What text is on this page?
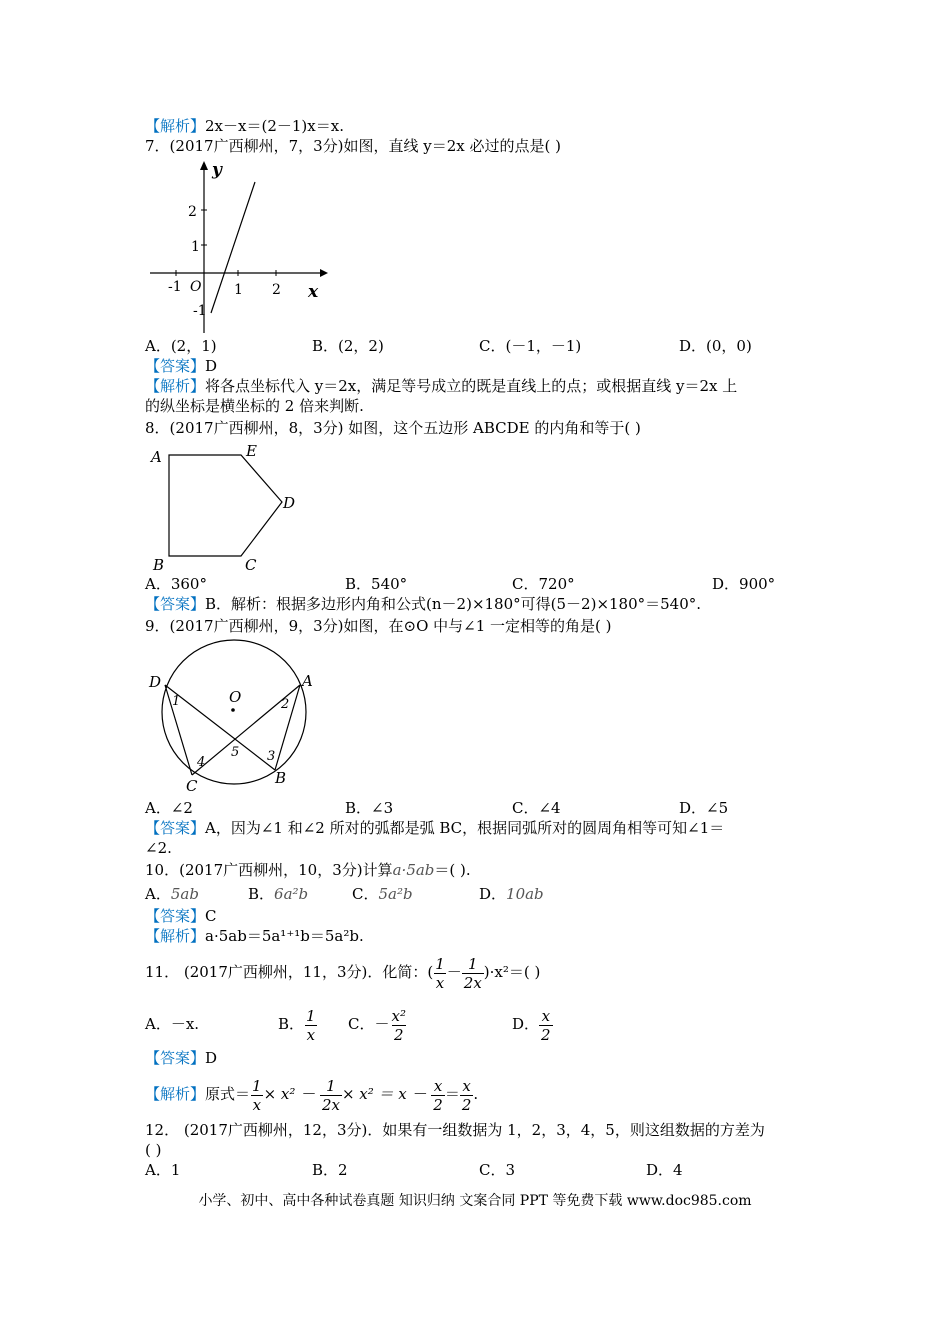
【解析】2x－x＝(2－1)x＝x.
7．(2017广西柳州，7，3分)如图，直线 y＝2x 必过的点是( )
y
x
2
1
-1
-1	1 2
O
A．(2，1)	B．(2，2)	C．(－1，－1)	D．(0，0)
【答案】D
【解析】将各点坐标代入 y＝2x，满足等号成立的既是直线上的点；或根据直线 y＝2x 上
的纵坐标是横坐标的 2 倍来判断.
8．(2017广西柳州，8，3分) 如图，这个五边形 ABCDE 的内角和等于( )
A	E
D
B	C
A．360°	B．540°	C．720°	D．900°
【答案】B．解析：根据多边形内角和公式(n－2)×180°可得(5－2)×180°＝540°.
9．(2017广西柳州，9，3分)如图，在⊙O 中与∠1 一定相等的角是( )
O
D	A
C	B
1	2
3
4
5
A．∠2	B．∠3	C．∠4	D．∠5
【答案】A，因为∠1 和∠2 所对的弧都是弧 BC，根据同弧所对的圆周角相等可知∠1＝
∠2.
10．(2017广西柳州，10，3分)计算a·5ab＝( ).
A．5ab	B．6a²b	C．5a²b	D．10ab
【答案】C
【解析】a·5ab＝5a¹⁺¹b＝5a²b.
11． (2017广西柳州，11，3分)．化简：( $\frac{1}{x} - \frac{1}{2x} )\cdot x^2=$( )
A．－x.	B． $\frac{1}{x}$ C．－ $\frac{\text{x²}}{2}$	D． $\frac{x}{2}$
【答案】D
【解析】原式＝ $\frac{1}{x} \times x^2 - \frac{1}{2x} \times x^2 = x - \frac{x}{2} = \frac{x}{2}$ .
12． (2017广西柳州，12，3分)．如果有一组数据为 1，2，3，4，5，则这组数据的方差为
( )
A．1	B．2	C．3	D．4
小学、初中、高中各种试卷真题 知识归纳 文案合同 PPT 等免费下载 www.doc985.com
